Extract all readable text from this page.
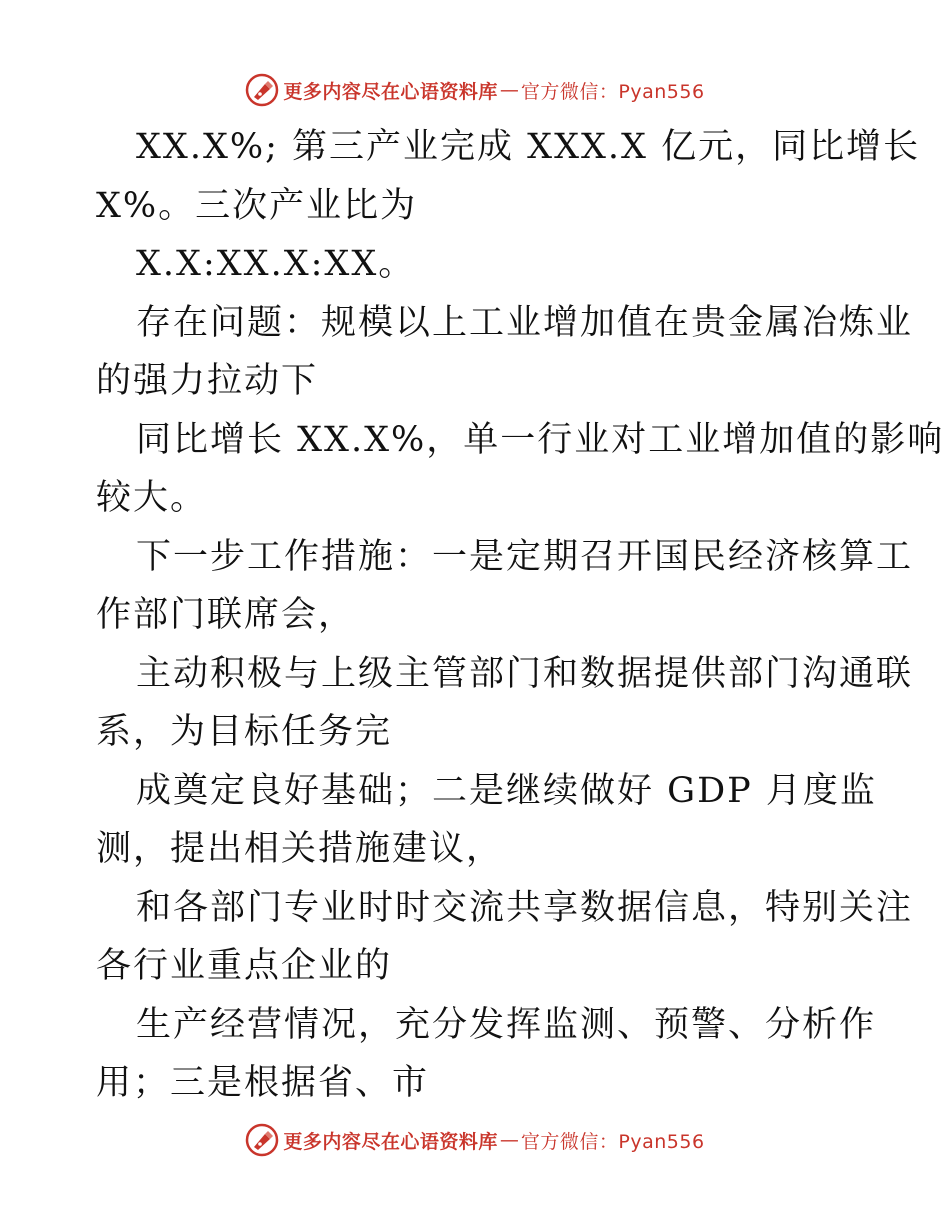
更多内容尽在心语资料库 — 官方微信：Pyan556
XX.X%; 第三产业完成 XXX.X 亿元，同比增长
X%。三次产业比为
X.X:XX.X:XX。
存在问题：规模以上工业增加值在贵金属冶炼业
的强力拉动下
同比增长 XX.X%，单一行业对工业增加值的影响
较大。
下一步工作措施：一是定期召开国民经济核算工
作部门联席会，
主动积极与上级主管部门和数据提供部门沟通联
系，为目标任务完
成奠定良好基础；二是继续做好 GDP 月度监
测，提出相关措施建议，
和各部门专业时时交流共享数据信息，特别关注
各行业重点企业的
生产经营情况，充分发挥监测、预警、分析作
用；三是根据省、市
更多内容尽在心语资料库 — 官方微信：Pyan556
